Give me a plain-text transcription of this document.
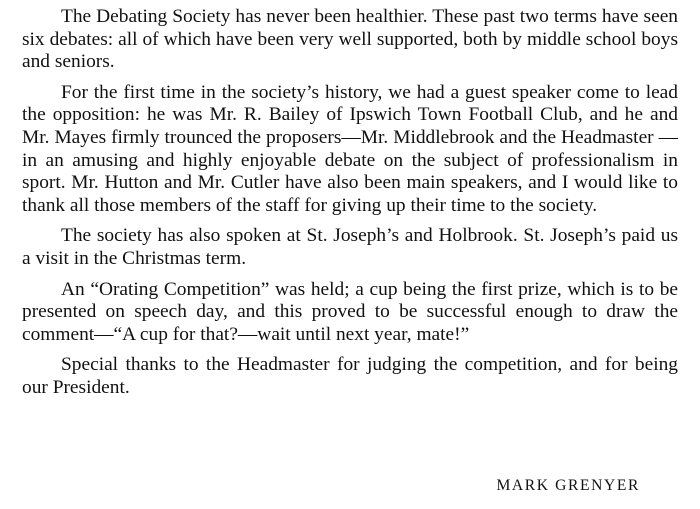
The Debating Society has never been healthier. These past two terms have seen six debates: all of which have been very well supported, both by middle school boys and seniors.

For the first time in the society’s history, we had a guest speaker come to lead the opposition: he was Mr. R. Bailey of Ipswich Town Football Club, and he and Mr. Mayes firmly trounced the proposers—Mr. Middlebrook and the Headmaster —in an amusing and highly enjoyable debate on the subject of professionalism in sport. Mr. Hutton and Mr. Cutler have also been main speakers, and I would like to thank all those members of the staff for giving up their time to the society.

The society has also spoken at St. Joseph’s and Holbrook. St. Joseph’s paid us a visit in the Christmas term.

An “Orating Competition” was held; a cup being the first prize, which is to be presented on speech day, and this proved to be successful enough to draw the comment—“A cup for that?—wait until next year, mate!”

Special thanks to the Headmaster for judging the competition, and for being our President.

MARK GRENYER
